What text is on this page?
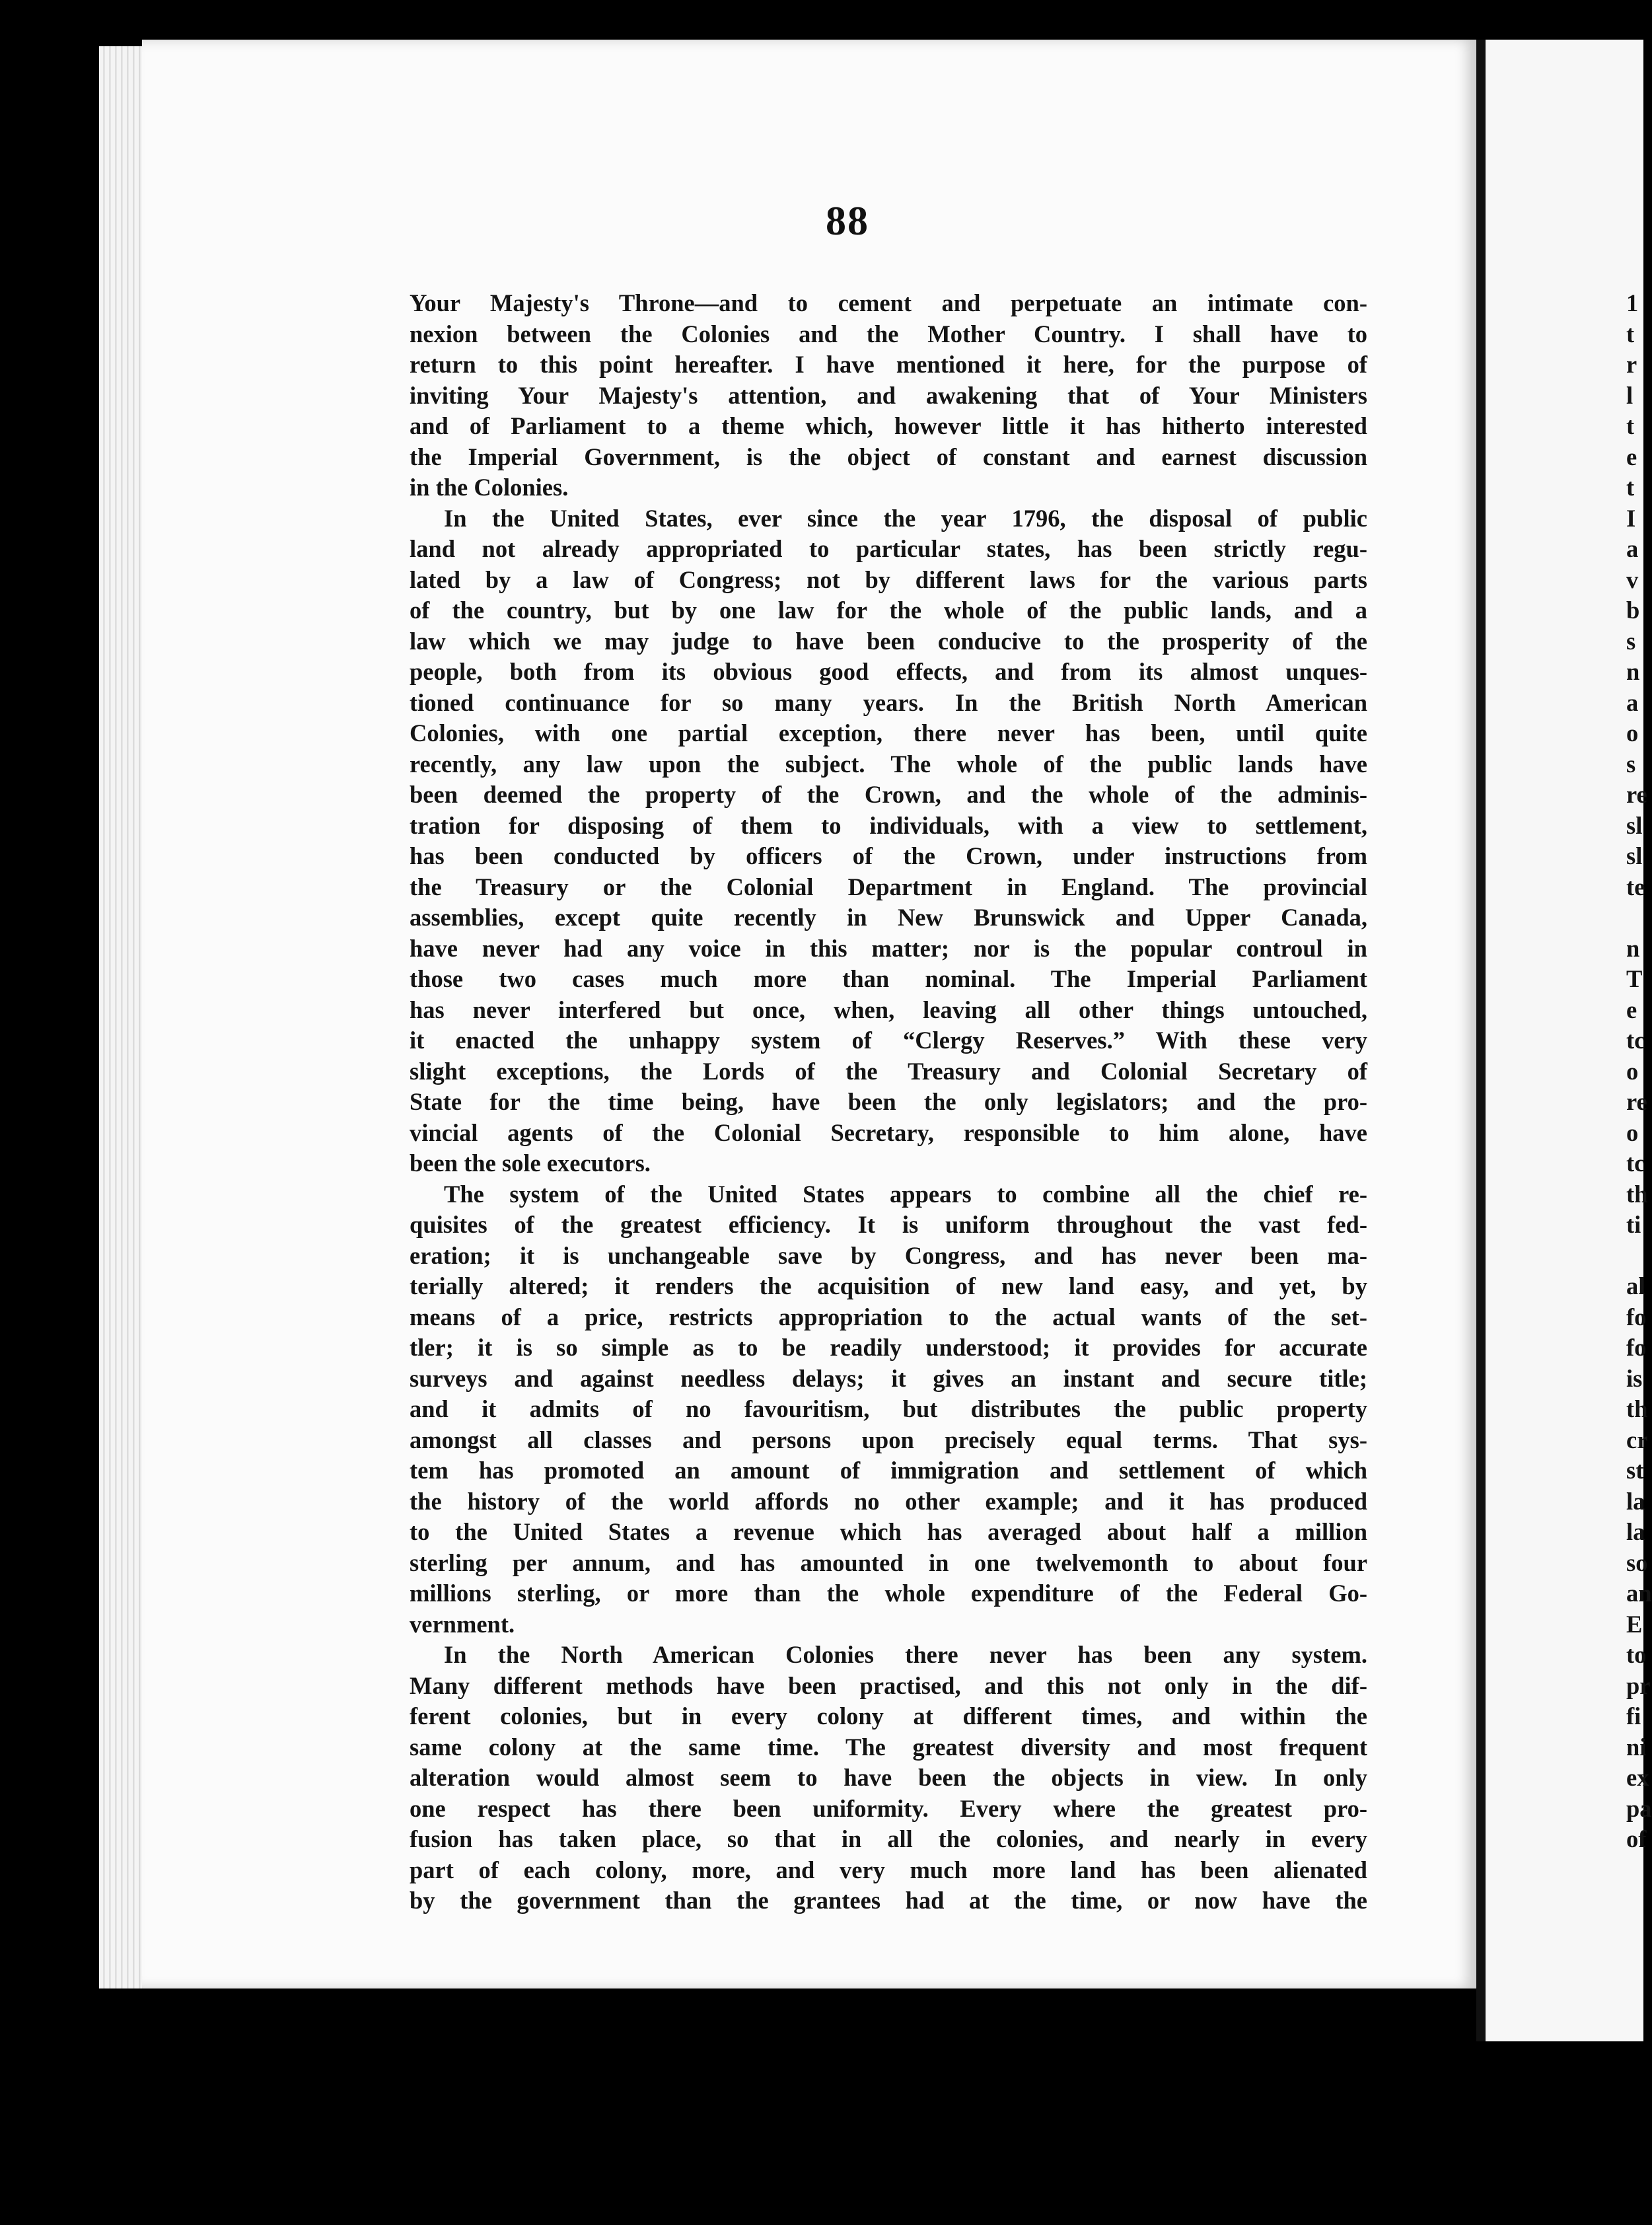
88
Your Majesty's Throne—and to cement and perpetuate an intimate con-
nexion between the Colonies and the Mother Country. I shall have to
return to this point hereafter. I have mentioned it here, for the purpose of
inviting Your Majesty's attention, and awakening that of Your Ministers
and of Parliament to a theme which, however little it has hitherto interested
the Imperial Government, is the object of constant and earnest discussion
in the Colonies.
In the United States, ever since the year 1796, the disposal of public
land not already appropriated to particular states, has been strictly regu-
lated by a law of Congress; not by different laws for the various parts
of the country, but by one law for the whole of the public lands, and a
law which we may judge to have been conducive to the prosperity of the
people, both from its obvious good effects, and from its almost unques-
tioned continuance for so many years. In the British North American
Colonies, with one partial exception, there never has been, until quite
recently, any law upon the subject. The whole of the public lands have
been deemed the property of the Crown, and the whole of the adminis-
tration for disposing of them to individuals, with a view to settlement,
has been conducted by officers of the Crown, under instructions from
the Treasury or the Colonial Department in England. The provincial
assemblies, except quite recently in New Brunswick and Upper Canada,
have never had any voice in this matter; nor is the popular controul in
those two cases much more than nominal. The Imperial Parliament
has never interfered but once, when, leaving all other things untouched,
it enacted the unhappy system of “Clergy Reserves.” With these very
slight exceptions, the Lords of the Treasury and Colonial Secretary of
State for the time being, have been the only legislators; and the pro-
vincial agents of the Colonial Secretary, responsible to him alone, have
been the sole executors.
The system of the United States appears to combine all the chief re-
quisites of the greatest efficiency. It is uniform throughout the vast fed-
eration; it is unchangeable save by Congress, and has never been ma-
terially altered; it renders the acquisition of new land easy, and yet, by
means of a price, restricts appropriation to the actual wants of the set-
tler; it is so simple as to be readily understood; it provides for accurate
surveys and against needless delays; it gives an instant and secure title;
and it admits of no favouritism, but distributes the public property
amongst all classes and persons upon precisely equal terms. That sys-
tem has promoted an amount of immigration and settlement of which
the history of the world affords no other example; and it has produced
to the United States a revenue which has averaged about half a million
sterling per annum, and has amounted in one twelvemonth to about four
millions sterling, or more than the whole expenditure of the Federal Go-
vernment.
In the North American Colonies there never has been any system.
Many different methods have been practised, and this not only in the dif-
ferent colonies, but in every colony at different times, and within the
same colony at the same time. The greatest diversity and most frequent
alteration would almost seem to have been the objects in view. In only
one respect has there been uniformity. Every where the greatest pro-
fusion has taken place, so that in all the colonies, and nearly in every
part of each colony, more, and very much more land has been alienated
by the government than the grantees had at the time, or now have the
1
t
r
l
t
e
t
I
a
v
b
s
n
a
o
s
re
sl
sl
te
n
T
e
tc
o
re
o
tc
th
ti
al
fo
fo
is
th
cr
st
la
la
so
an
E
to
pr
fi
ni
ex
pa
of
